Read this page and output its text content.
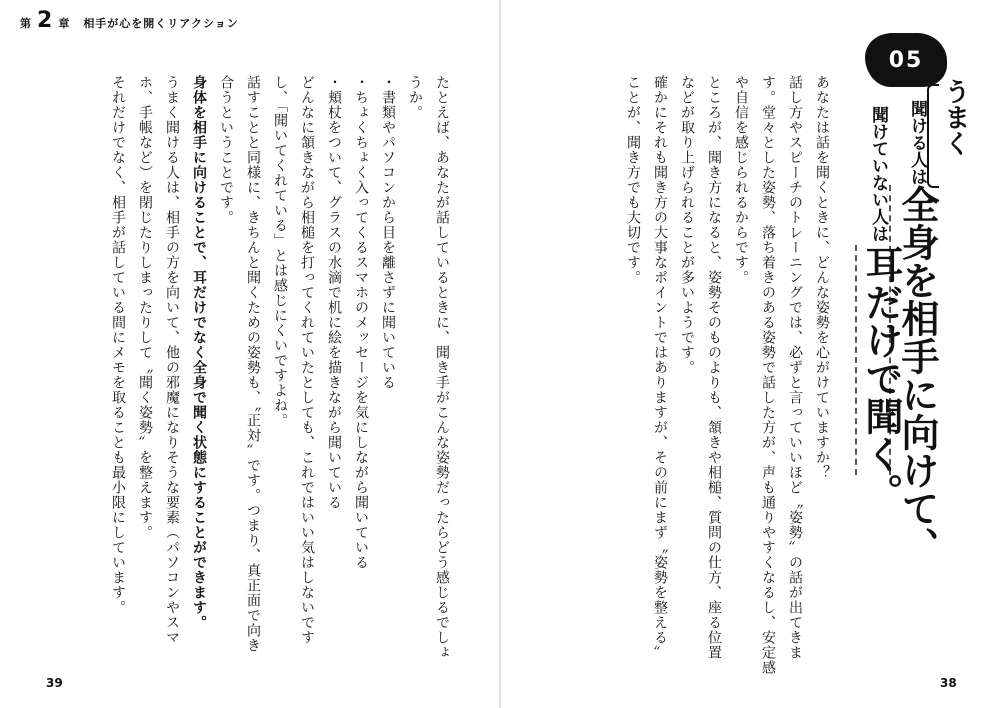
第 2 章 相手が心を開くリアクション
05
うまく
聞ける人は
全身を相手に向けて、
聞けていない人は
耳だけで聞く。
あなたは話を聞くときに、どんな姿勢を心がけていますか？
話し方やスピーチのトレーニングでは、必ずと言っていいほど〝姿勢〟の話が出てきま
す。堂々とした姿勢、落ち着きのある姿勢で話した方が、声も通りやすくなるし、安定感
や自信を感じられるからです。
ところが、聞き方になると、姿勢そのものよりも、頷きや相槌、質問の仕方、座る位置
などが取り上げられることが多いようです。
確かにそれも聞き方の大事なポイントではありますが、その前にまず〝姿勢を整える〟
ことが、聞き方でも大切です。
たとえば、あなたが話しているときに、聞き手がこんな姿勢だったらどう感じるでしょ
うか。
・書類やパソコンから目を離さずに聞いている
・ちょくちょく入ってくるスマホのメッセージを気にしながら聞いている
・頬杖をついて、グラスの水滴で机に絵を描きながら聞いている
どんなに頷きながら相槌を打ってくれていたとしても、これではいい気はしないです
し、「聞いてくれている」とは感じにくいですよね。
話すことと同様に、きちんと聞くための姿勢も、〝正対〟です。つまり、真正面で向き
合うということです。
身体を相手に向けることで、耳だけでなく全身で聞く状態にすることができます。
うまく聞ける人は、相手の方を向いて、他の邪魔になりそうな要素（パソコンやスマ
ホ、手帳など）を閉じたりしまったりして〝聞く姿勢〟を整えます。
それだけでなく、相手が話している間にメモを取ることも最小限にしています。
39	38
